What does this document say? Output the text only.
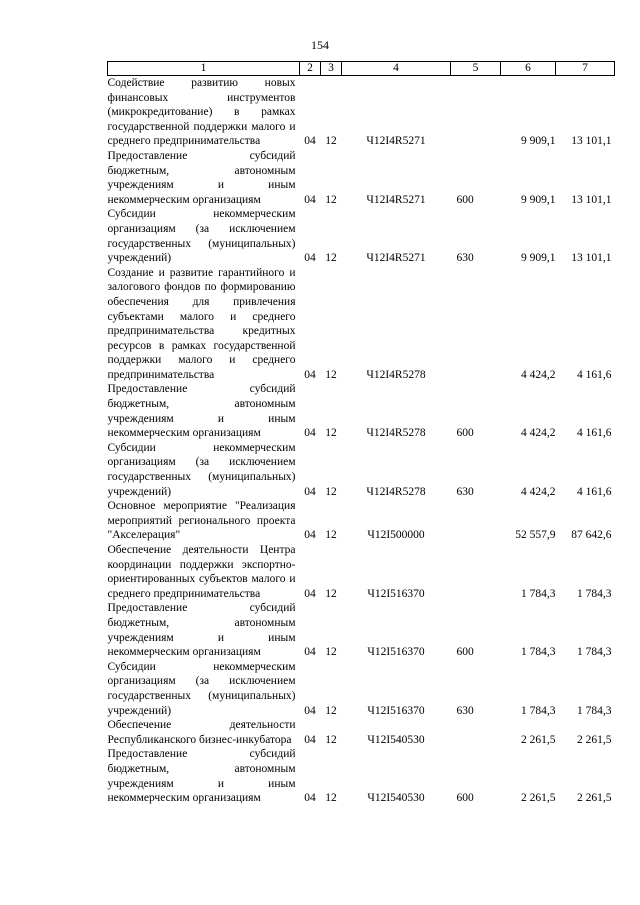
154
1	2	3	4	5	6	7
Содействие развитию новых финансовых инструментов (микрокредитование) в рамках государственной поддержки малого и среднего предпринимательства	04	12	Ч12I4R5271		9 909,1	13 101,1
Предоставление субсидий бюджетным, автономным учреждениям и иным некоммерческим организациям	04	12	Ч12I4R5271	600	9 909,1	13 101,1
Субсидии некоммерческим организациям (за исключением государственных (муниципальных) учреждений)	04	12	Ч12I4R5271	630	9 909,1	13 101,1
Создание и развитие гарантийного и залогового фондов по формированию обеспечения для привлечения субъектами малого и среднего предпринимательства кредитных ресурсов в рамках государственной поддержки малого и среднего предпринимательства	04	12	Ч12I4R5278		4 424,2	4 161,6
Предоставление субсидий бюджетным, автономным учреждениям и иным некоммерческим организациям	04	12	Ч12I4R5278	600	4 424,2	4 161,6
Субсидии некоммерческим организациям (за исключением государственных (муниципальных) учреждений)	04	12	Ч12I4R5278	630	4 424,2	4 161,6
Основное мероприятие "Реализация мероприятий регионального проекта "Акселерация"	04	12	Ч12I500000		52 557,9	87 642,6
Обеспечение деятельности Центра координации поддержки экспортно-ориентированных субъектов малого и среднего предпринимательства	04	12	Ч12I516370		1 784,3	1 784,3
Предоставление субсидий бюджетным, автономным учреждениям и иным некоммерческим организациям	04	12	Ч12I516370	600	1 784,3	1 784,3
Субсидии некоммерческим организациям (за исключением государственных (муниципальных) учреждений)	04	12	Ч12I516370	630	1 784,3	1 784,3
Обеспечение деятельности Республиканского бизнес-инкубатора	04	12	Ч12I540530		2 261,5	2 261,5
Предоставление субсидий бюджетным, автономным учреждениям и иным некоммерческим организациям	04	12	Ч12I540530	600	2 261,5	2 261,5
